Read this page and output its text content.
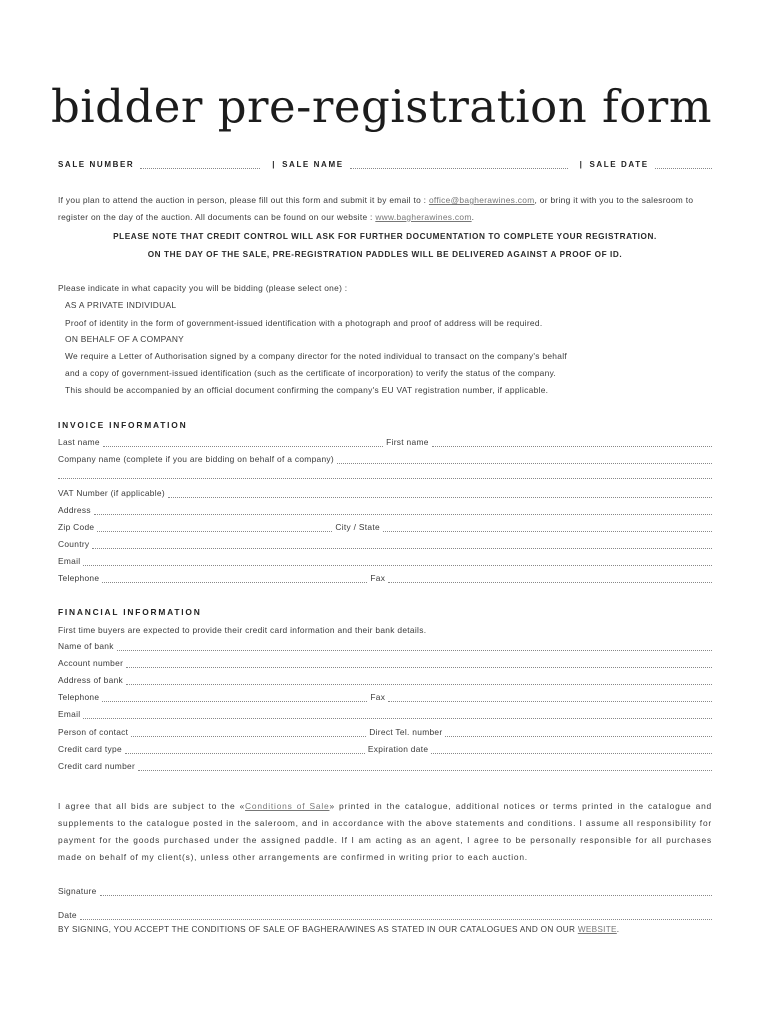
bidder pre-registration form
SALE NUMBER	| SALE NAME	| SALE DATE
If you plan to attend the auction in person, please fill out this form and submit it by email to : office@bagherawines.com, or bring it with you to the salesroom to register on the day of the auction. All documents can be found on our website : www.bagherawines.com.
PLEASE NOTE THAT CREDIT CONTROL WILL ASK FOR FURTHER DOCUMENTATION TO COMPLETE YOUR REGISTRATION.
ON THE DAY OF THE SALE, PRE-REGISTRATION PADDLES WILL BE DELIVERED AGAINST A PROOF OF ID.
Please indicate in what capacity you will be bidding (please select one) :
AS A PRIVATE INDIVIDUAL
Proof of identity in the form of government-issued identification with a photograph and proof of address will be required.
ON BEHALF OF A COMPANY
We require a Letter of Authorisation signed by a company director for the noted individual to transact on the company's behalf
and a copy of government-issued identification (such as the certificate of incorporation) to verify the status of the company.
This should be accompanied by an official document confirming the company's EU VAT registration number, if applicable.
INVOICE INFORMATION
Last name	First name
Company name (complete if you are bidding on behalf of a company)
VAT Number (if applicable)
Address
Zip Code	City / State
Country
Email
Telephone	Fax
FINANCIAL INFORMATION
First time buyers are expected to provide their credit card information and their bank details.
Name of bank
Account number
Address of bank
Telephone	Fax
Email
Person of contact	Direct Tel. number
Credit card type	Expiration date
Credit card number
I agree that all bids are subject to the «Conditions of Sale» printed in the catalogue, additional notices or terms printed in the catalogue and supplements to the catalogue posted in the saleroom, and in accordance with the above statements and conditions. I assume all responsibility for payment for the goods purchased under the assigned paddle. If I am acting as an agent, I agree to be personally responsible for all purchases made on behalf of my client(s), unless other arrangements are confirmed in writing prior to each auction.
Signature
Date
BY SIGNING, YOU ACCEPT THE CONDITIONS OF SALE OF BAGHERA/WINES AS STATED IN OUR CATALOGUES AND ON OUR WEBSITE.
